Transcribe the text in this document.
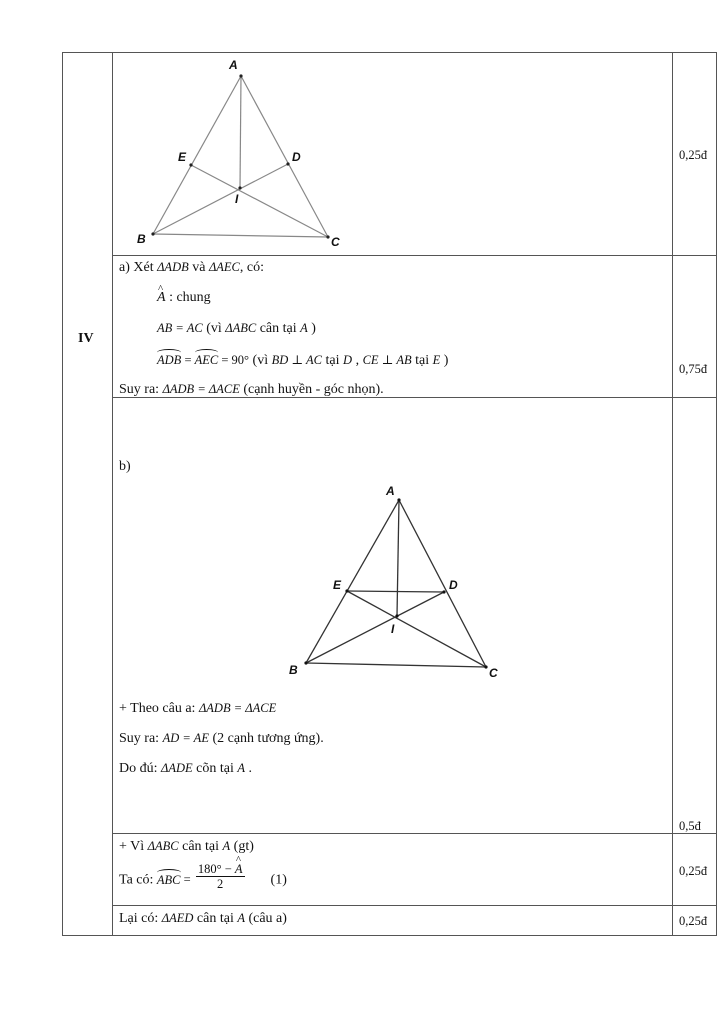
IV
A
B	C
D
E
I
0,25đ
0,75đ
0,5đ
0,25đ
0,25đ
a) Xét ΔADB và ΔAEC, có:
^ A : chung
AB = AC (vì ΔABC cân tại A )
ADB = AEC = 90° (vì BD ⊥ AC tại D , CE ⊥ AB tại E )
Suy ra: ΔADB = ΔACE (cạnh huyền - góc nhọn).
b)
A
B	C
D
E
I
+ Theo câu a: ΔADB = ΔACE
Suy ra: AD = AE (2 cạnh tương ứng).
Do đú: ΔADE cõn tại A .
+ Vì ΔABC cân tại A (gt)
Ta có: ABC = $\frac{180^\circ - \^{} A}{2} (1)$
Lại có: ΔAED cân tại A (câu a)
